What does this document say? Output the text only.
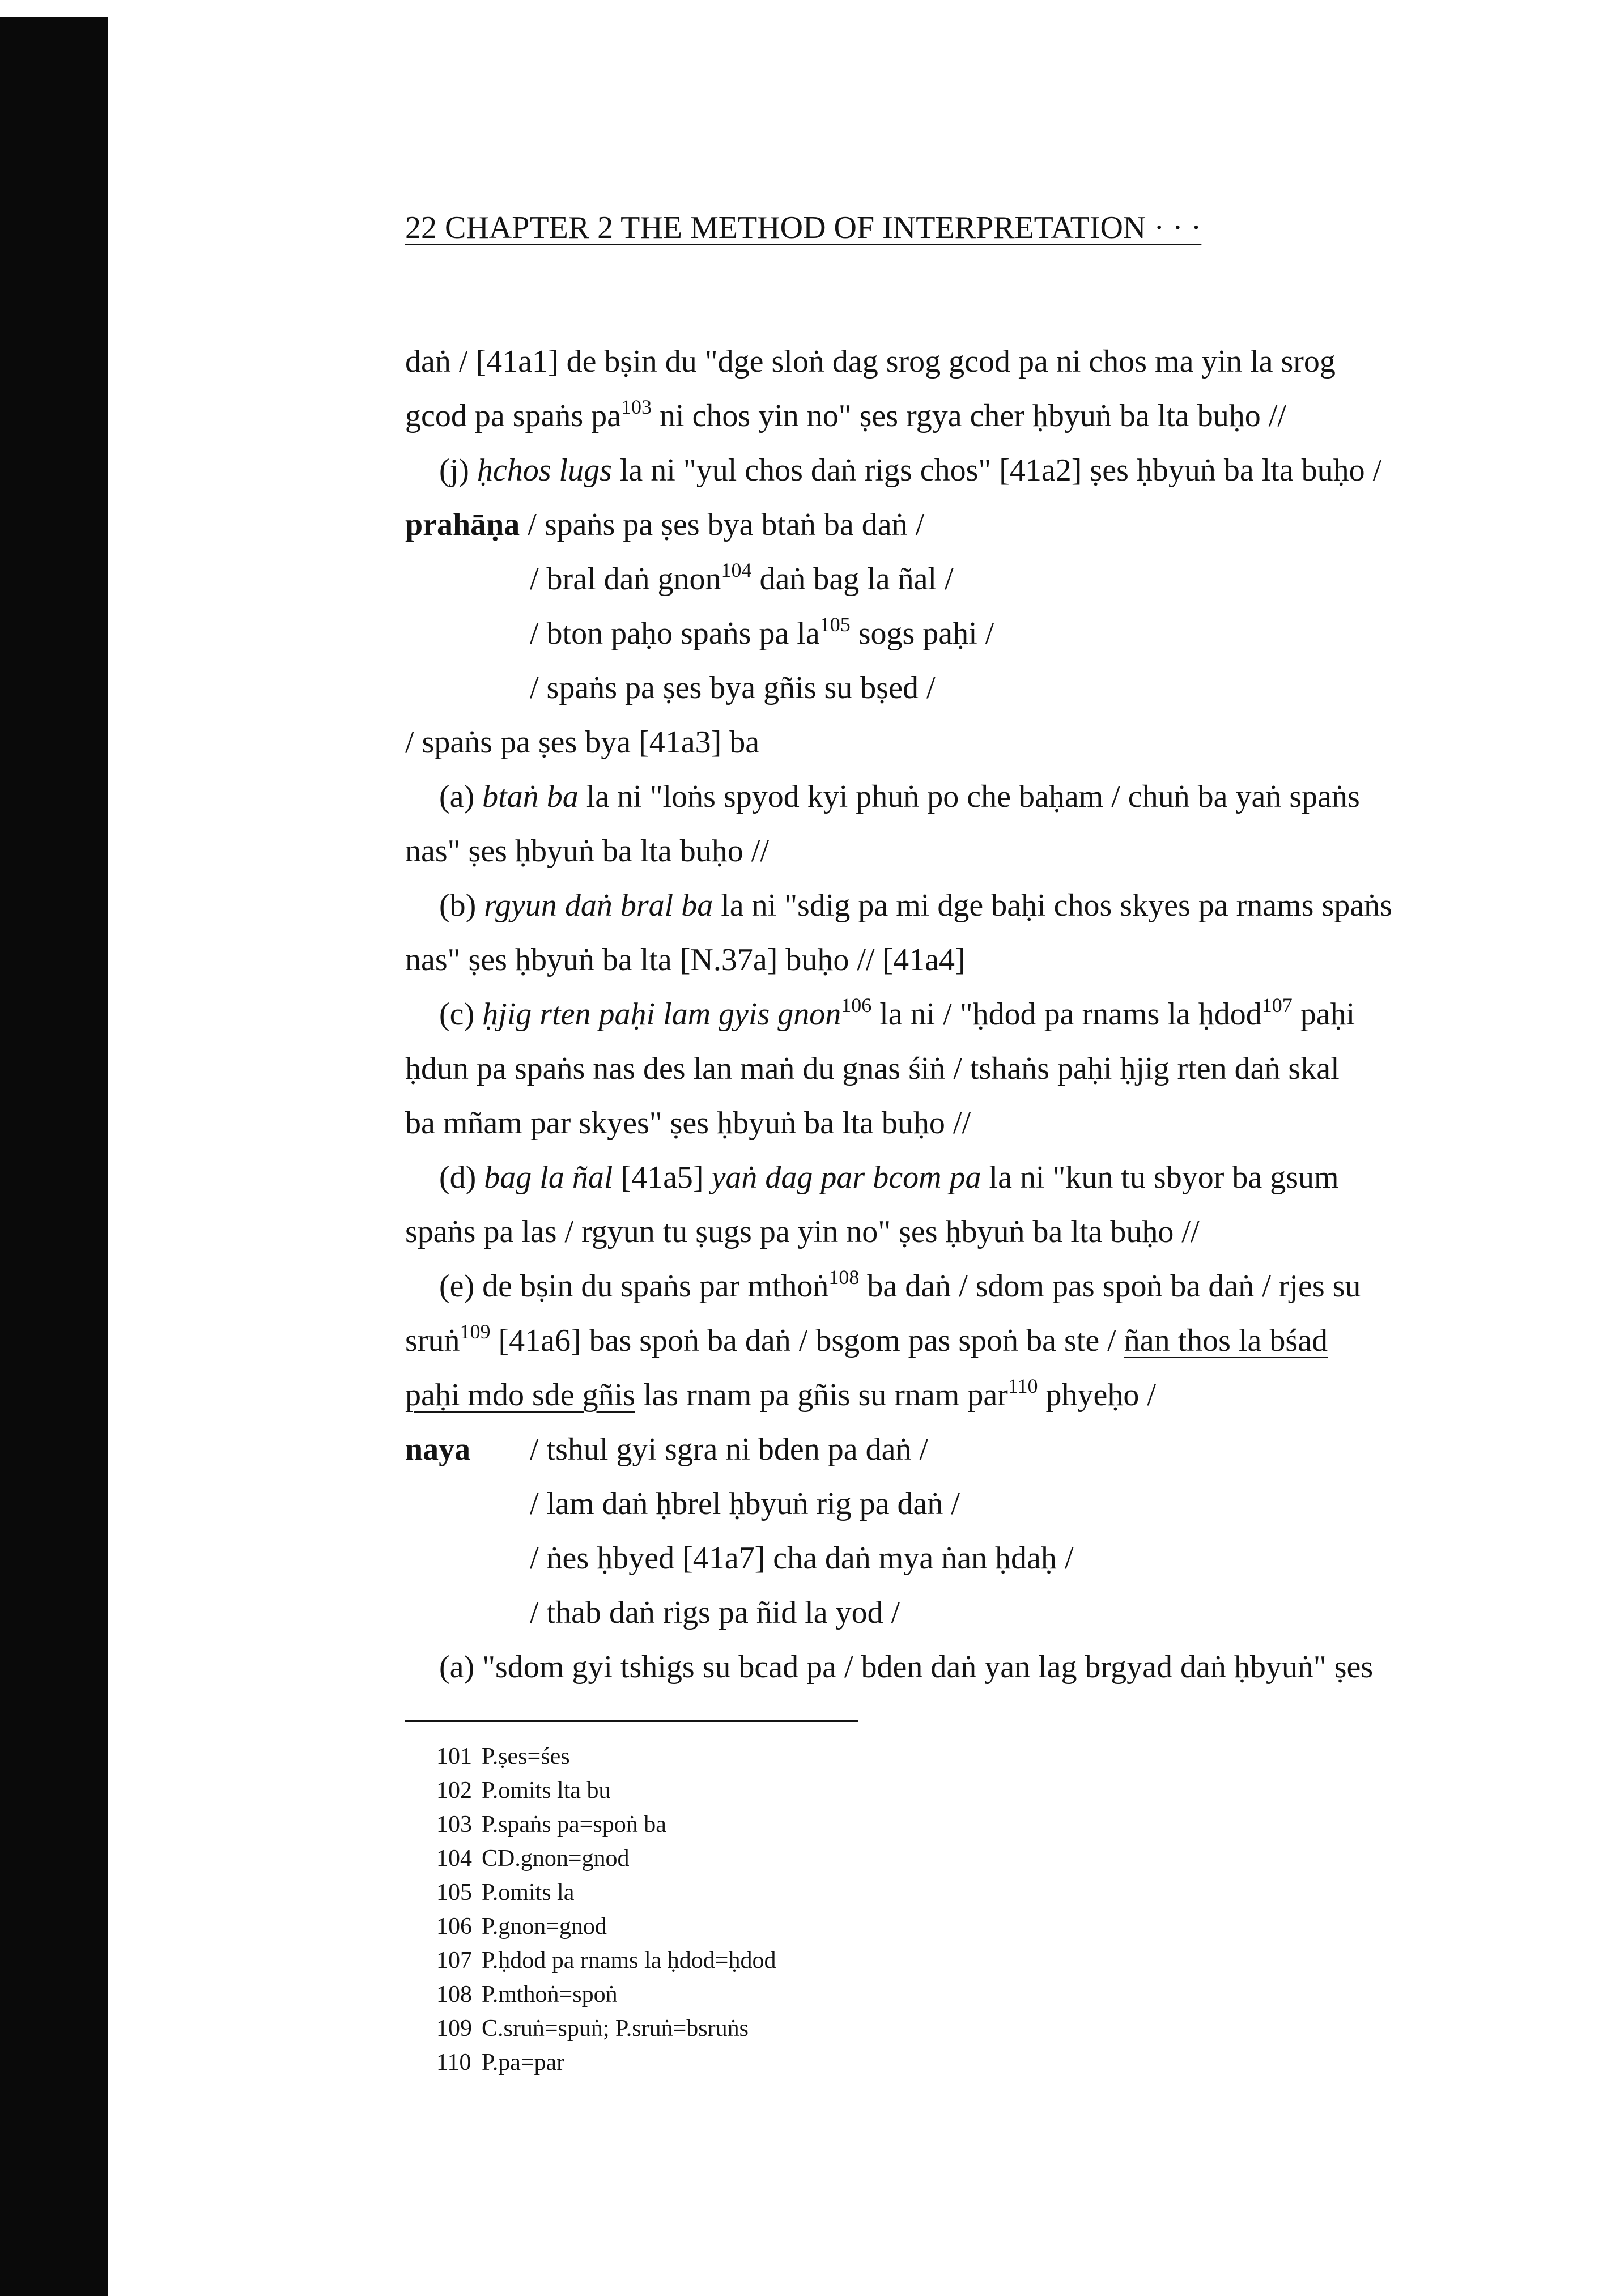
22 CHAPTER 2 THE METHOD OF INTERPRETATION · · ·
daṅ / [41a1] de bṣin du "dge sloṅ dag srog gcod pa ni chos ma yin la srog
gcod pa spaṅs $pa^{103}$ ni chos yin no" ṣes rgya cher ḥbyuṅ ba lta buḥo //
(j) ḥchos lugs la ni "yul chos daṅ rigs chos" [41a2] ṣes ḥbyuṅ ba lta buḥo /
prahāṇa / spaṅs pa ṣes bya btaṅ ba daṅ /
/ bral daṅ gnon$^{104}$ daṅ bag la ñal /
/ bton paḥo spaṅs pa $la^{105}$ sogs paḥi /
/ spaṅs pa ṣes bya gñis su bṣed /
/ spaṅs pa ṣes bya [41a3] ba
(a) btaṅ ba la ni "loṅs spyod kyi phuṅ po che baḥam / chuṅ ba yaṅ spaṅs
nas" ṣes ḥbyuṅ ba lta buḥo //
(b) rgyun daṅ bral ba la ni "sdig pa mi dge baḥi chos skyes pa rnams spaṅs
nas" ṣes ḥbyuṅ ba lta [N.37a] buḥo // [41a4]
(c) ḥjig rten paḥi lam gyis gnon$^{106}$ la ni / "ḥdod pa rnams la ḥdod$^{107}$ paḥi
ḥdun pa spaṅs nas des lan maṅ du gnas śiṅ / tshaṅs paḥi ḥjig rten daṅ skal
ba mñam par skyes" ṣes ḥbyuṅ ba lta buḥo //
(d) bag la ñal [41a5] yaṅ dag par bcom pa la ni "kun tu sbyor ba gsum
spaṅs pa las / rgyun tu ṣugs pa yin no" ṣes ḥbyuṅ ba lta buḥo //
(e) de bṣin du spaṅs par mthoṅ$^{108}$ ba daṅ / sdom pas spoṅ ba daṅ / rjes su
sruṅ$^{109}$ [41a6] bas spoṅ ba daṅ / bsgom pas spoṅ ba ste / ñan thos la bśad
paḥi mdo sde gñis las rnam pa gñis su rnam par$^{110}$ phyeḥo /
naya / tshul gyi sgra ni bden pa daṅ /
/ lam daṅ ḥbrel ḥbyuṅ rig pa daṅ /
/ ṅes ḥbyed [41a7] cha daṅ mya ṅan ḥdaḥ /
/ thab daṅ rigs pa ñid la yod /
(a) "sdom gyi tshigs su bcad pa / bden daṅ yan lag brgyad daṅ ḥbyuṅ" ṣes
101 P.ṣes=śes
102 P.omits lta bu
103 P.spaṅs pa=spoṅ ba
104 CD.gnon=gnod
105 P.omits la
106 P.gnon=gnod
107 P.ḥdod pa rnams la ḥdod=ḥdod
108 P.mthoṅ=spoṅ
109 C.sruṅ=spuṅ; P.sruṅ=bsruṅs
110 P.pa=par
